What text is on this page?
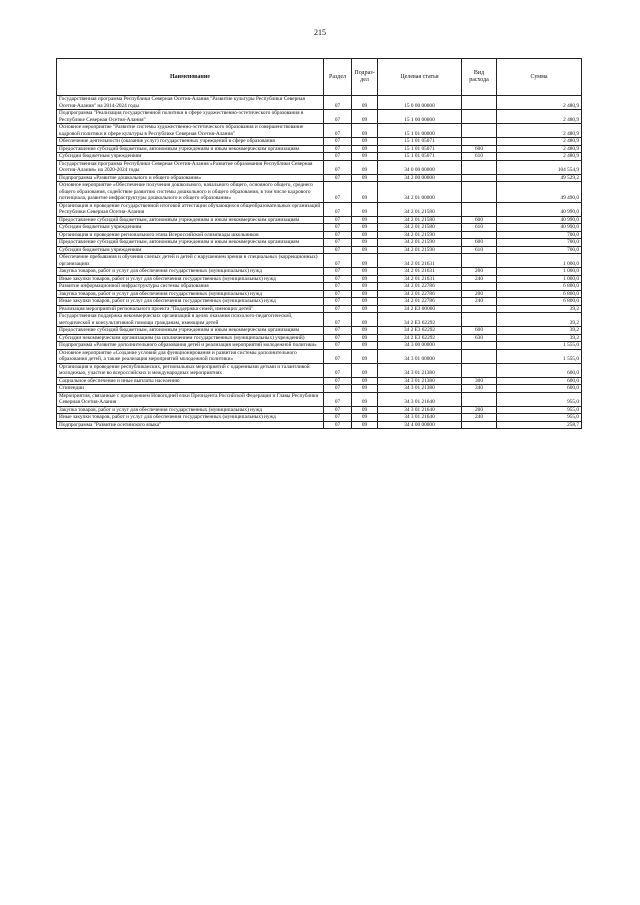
215
Наименование	Раздел	Подраз-дел	Целевая статья	Вид расхода	Сумма
Государственная программа Республики Северная Осетия-Алания "Развитие культуры Республики Северная Осетия-Алания" на 2014-2024 годы	07	09	15 0 00 00000		2 480,9
Подпрограмма "Реализация государственной политики в сфере художественно-эстетического образования в Республике Северная Осетия-Алания"	07	09	15 1 00 00000		2 480,9
Основное мероприятие "Развитие системы художественно-эстетического образования и совершенствование кадровой политики в сфере культуры в Республике Северная Осетия-Алания"	07	09	15 1 01 00000		2 480,9
Обеспечение деятельности (оказание услуг) государственных учреждений в сфере образования	07	09	15 1 01 05071		2 480,9
Предоставление субсидий бюджетным, автономным учреждениям и иным некоммерческим организациям	07	09	15 1 01 05071	600	2 480,9
Субсидии бюджетным учреждениям	07	09	15 1 01 05071	610	2 480,9
Государственная программа Республики Северная Осетия-Алания «Развитие образования Республики Северная Осетия-Алания» на 2020-2024 годы	07	09	34 0 00 00000		104 554,9
Подпрограмма «Развитие дошкольного и общего образования»	07	09	34 2 00 00000		49 529,2
Основное мероприятие «Обеспечение получения дошкольного, начального общего, основного общего, среднего общего образования, содействие развитию системы дошкольного и общего образования, в том числе кадрового потенциала, развитие инфраструктуры дошкольного и общего образования»	07	09	34 2 01 00000		49 490,0
Организация и проведение государственной итоговой аттестации обучающихся общеобразовательных организаций Республики Северная Осетия-Алания	07	09	34 2 01 21580		40 990,0
Предоставление субсидий бюджетным, автономным учреждениям и иным некоммерческим организациям	07	09	34 2 01 21580	600	40 990,0
Субсидии бюджетным учреждениям	07	09	34 2 01 21580	610	40 990,0
Организация и проведение регионального этапа Всероссийской олимпиады школьников	07	09	34 2 01 21590		700,0
Предоставление субсидий бюджетным, автономным учреждениям и иным некоммерческим организациям	07	09	34 2 01 21590	600	700,0
Субсидии бюджетным учреждениям	07	09	34 2 01 21590	610	700,0
Обеспечение пребывания и обучения слепых детей и детей с нарушением зрения в специальных (коррекционных) организациях	07	09	34 2 01 21631		1 000,0
Закупка товаров, работ и услуг для обеспечения государственных (муниципальных) нужд	07	09	34 2 01 21631	200	1 000,0
Иные закупки товаров, работ и услуг для обеспечения государственных (муниципальных) нужд	07	09	34 2 01 21631	240	1 000,0
Развитие информационной инфраструктуры системы образования	07	09	34 2 01 22786		6 800,0
Закупка товаров, работ и услуг для обеспечения государственных (муниципальных) нужд	07	09	34 2 01 22786	200	6 800,0
Иные закупки товаров, работ и услуг для обеспечения государственных (муниципальных) нужд	07	09	34 2 01 22786	240	6 800,0
Реализация мероприятий регионального проекта "Поддержка семей, имеющих детей"	07	09	34 2 E3 00000		39,2
Государственная поддержка некоммерческих организаций в целях оказания психолого-педагогической, методической и консультативной помощи гражданам, имеющим детей	07	09	34 2 E3 62292		39,2
Предоставление субсидий бюджетным, автономным учреждениям и иным некоммерческим организациям	07	09	34 2 E3 62292	600	39,2
Субсидии некоммерческим организациям (за исключением государственных (муниципальных) учреждений)	07	09	34 2 E3 62292	630	39,2
Подпрограмма «Развитие дополнительного образования детей и реализация мероприятий молодежной политики»	07	09	34 3 00 00000		1 555,0
Основное мероприятие «Создание условий для функционирования и развития системы дополнительного образования детей, а также реализация мероприятий молодежной политики»	07	09	34 3 01 00000		1 555,0
Организация и проведение республиканских, региональных мероприятий с одаренными детьми и талантливой молодежью, участие во всероссийских и международных мероприятиях	07	09	34 3 01 21380		600,0
Социальное обеспечение и иные выплаты населению	07	09	34 3 01 21380	300	600,0
Стипендии	07	09	34 3 01 21380	340	600,0
Мероприятия, связанные с проведением Новогодней елки Президента Российской Федерации и Главы Республики Северная Осетия-Алания	07	09	34 3 01 21640		955,0
Закупка товаров, работ и услуг для обеспечения государственных (муниципальных) нужд	07	09	34 3 01 21640	200	955,0
Иные закупки товаров, работ и услуг для обеспечения государственных (муниципальных) нужд	07	09	34 3 01 21640	240	955,0
Подпрограмма "Развитие осетинского языка"	07	09	34 4 00 00000		258,7
